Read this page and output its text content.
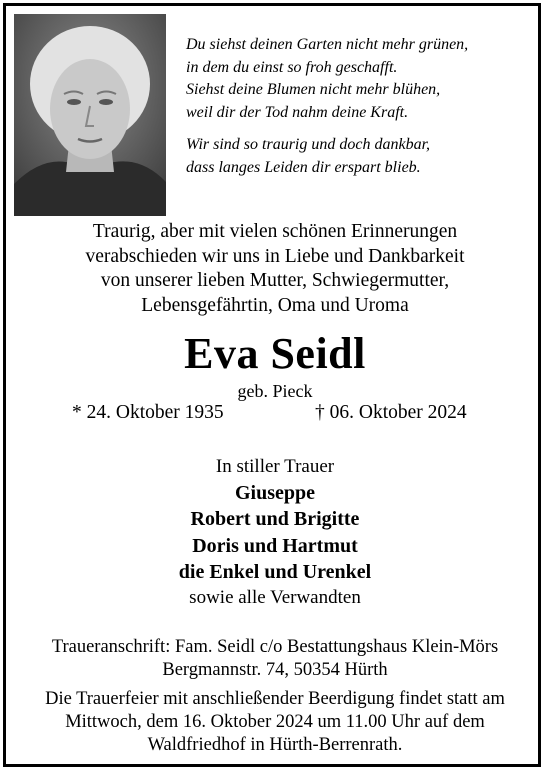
Du siehst deinen Garten nicht mehr grünen,
in dem du einst so froh geschafft.
Siehst deine Blumen nicht mehr blühen,
weil dir der Tod nahm deine Kraft.
Wir sind so traurig und doch dankbar,
dass langes Leiden dir erspart blieb.
Traurig, aber mit vielen schönen Erinnerungen
verabschieden wir uns in Liebe und Dankbarkeit
von unserer lieben Mutter, Schwiegermutter,
Lebensgefährtin, Oma und Uroma
Eva Seidl
geb. Pieck
* 24. Oktober 1935	† 06. Oktober 2024
In stiller Trauer
Giuseppe
Robert und Brigitte
Doris und Hartmut
die Enkel und Urenkel
sowie alle Verwandten
Traueranschrift: Fam. Seidl c/o Bestattungshaus Klein-Mörs
Bergmannstr. 74, 50354 Hürth
Die Trauerfeier mit anschließender Beerdigung findet statt am
Mittwoch, dem 16. Oktober 2024 um 11.00 Uhr auf dem
Waldfriedhof in Hürth-Berrenrath.
